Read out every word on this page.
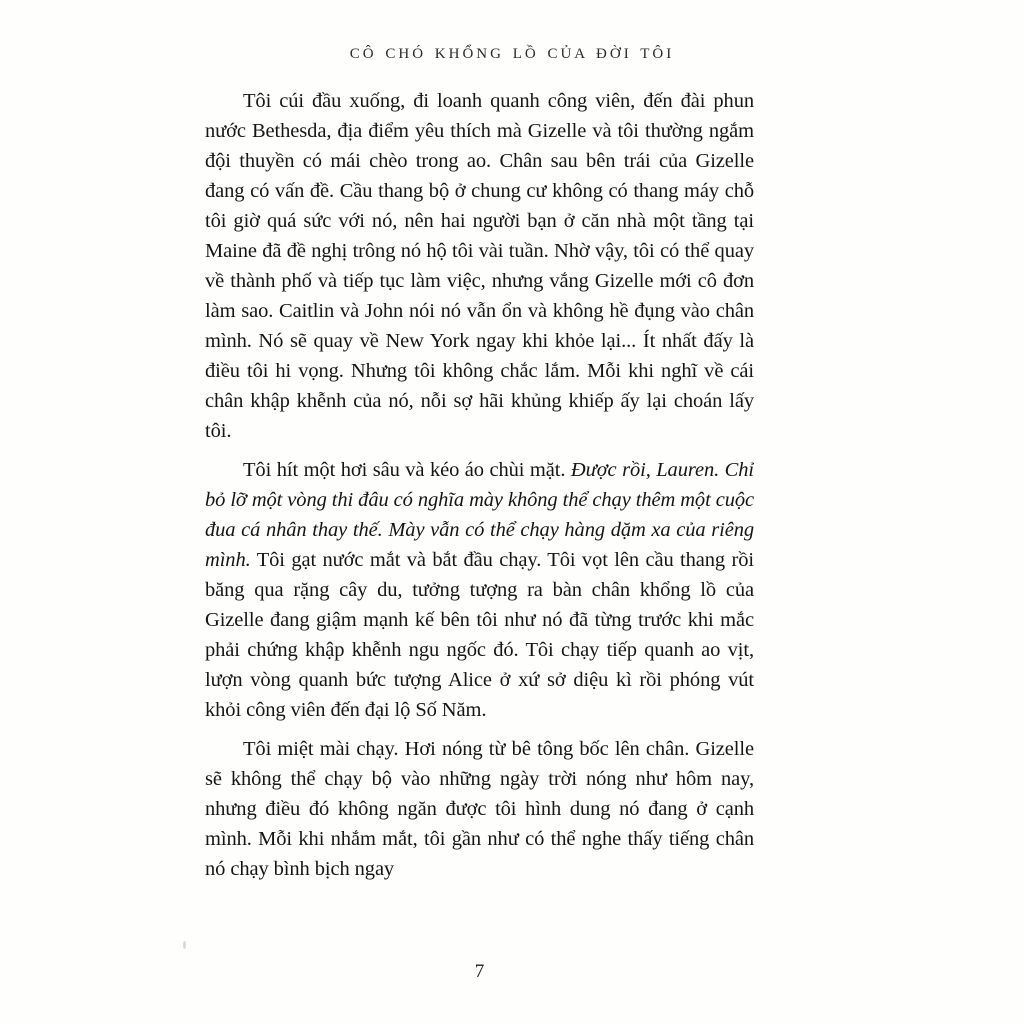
CÔ CHÓ KHỔNG LỒ CỦA ĐỜI TÔI

Tôi cúi đầu xuống, đi loanh quanh công viên, đến đài phun nước Bethesda, địa điểm yêu thích mà Gizelle và tôi thường ngắm đội thuyền có mái chèo trong ao. Chân sau bên trái của Gizelle đang có vấn đề. Cầu thang bộ ở chung cư không có thang máy chỗ tôi giờ quá sức với nó, nên hai người bạn ở căn nhà một tầng tại Maine đã đề nghị trông nó hộ tôi vài tuần. Nhờ vậy, tôi có thể quay về thành phố và tiếp tục làm việc, nhưng vắng Gizelle mới cô đơn làm sao. Caitlin và John nói nó vẫn ổn và không hề đụng vào chân mình. Nó sẽ quay về New York ngay khi khỏe lại... Ít nhất đấy là điều tôi hi vọng. Nhưng tôi không chắc lắm. Mỗi khi nghĩ về cái chân khập khễnh của nó, nỗi sợ hãi khủng khiếp ấy lại choán lấy tôi.

Tôi hít một hơi sâu và kéo áo chùi mặt. Được rồi, Lauren. Chỉ bỏ lỡ một vòng thi đâu có nghĩa mày không thể chạy thêm một cuộc đua cá nhân thay thế. Mày vẫn có thể chạy hàng dặm xa của riêng mình. Tôi gạt nước mắt và bắt đầu chạy. Tôi vọt lên cầu thang rồi băng qua rặng cây du, tưởng tượng ra bàn chân khổng lồ của Gizelle đang giậm mạnh kế bên tôi như nó đã từng trước khi mắc phải chứng khập khễnh ngu ngốc đó. Tôi chạy tiếp quanh ao vịt, lượn vòng quanh bức tượng Alice ở xứ sở diệu kì rồi phóng vút khỏi công viên đến đại lộ Số Năm.

Tôi miệt mài chạy. Hơi nóng từ bê tông bốc lên chân. Gizelle sẽ không thể chạy bộ vào những ngày trời nóng như hôm nay, nhưng điều đó không ngăn được tôi hình dung nó đang ở cạnh mình. Mỗi khi nhắm mắt, tôi gần như có thể nghe thấy tiếng chân nó chạy bình bịch ngay

7
